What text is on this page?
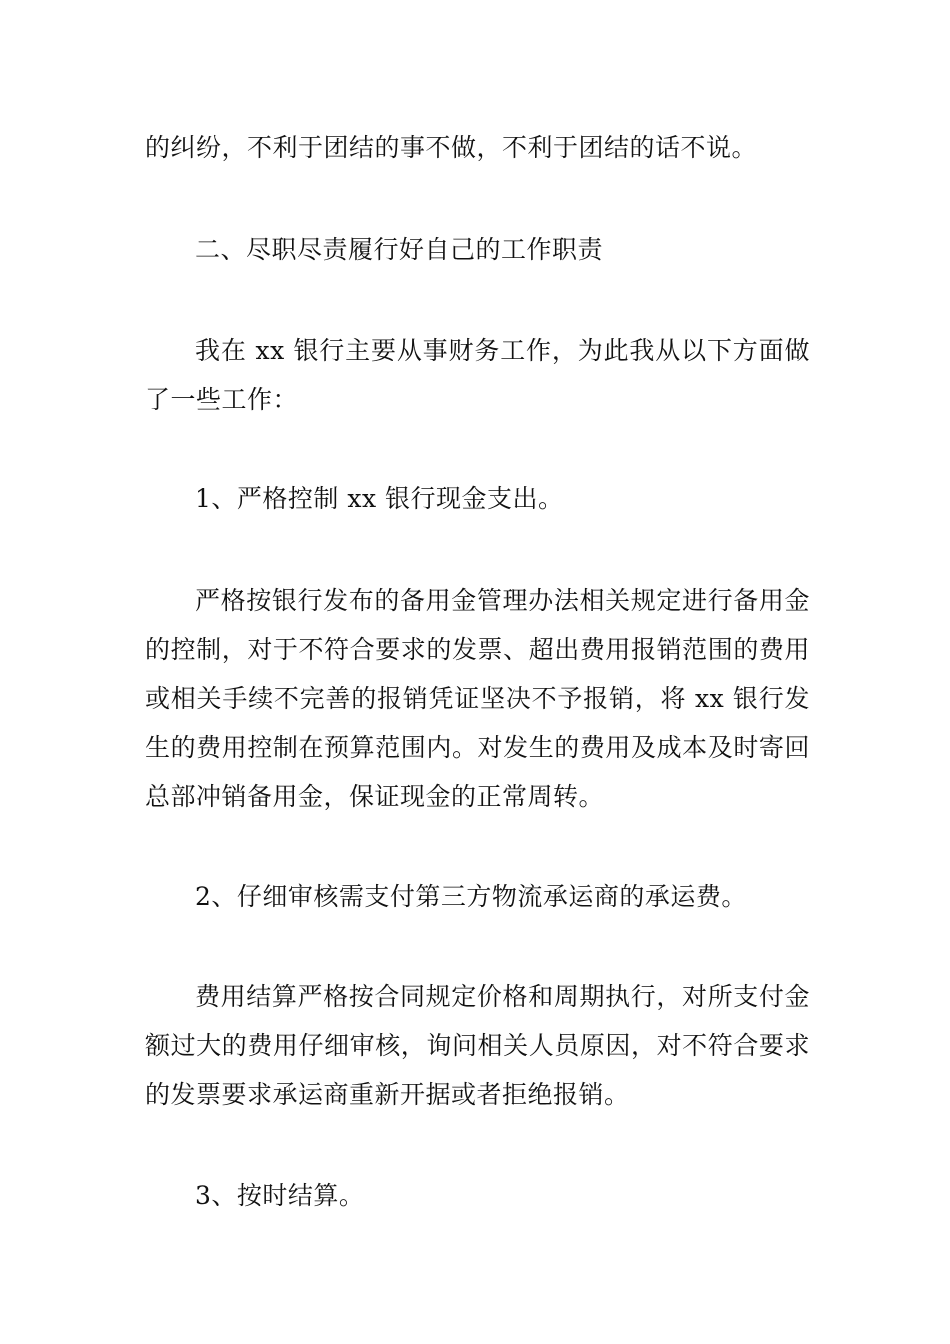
的纠纷，不利于团结的事不做，不利于团结的话不说。

二、尽职尽责履行好自己的工作职责

我在 xx 银行主要从事财务工作，为此我从以下方面做了一些工作：

1、严格控制 xx 银行现金支出。

严格按银行发布的备用金管理办法相关规定进行备用金的控制，对于不符合要求的发票、超出费用报销范围的费用或相关手续不完善的报销凭证坚决不予报销，将 xx 银行发生的费用控制在预算范围内。对发生的费用及成本及时寄回总部冲销备用金，保证现金的正常周转。

2、仔细审核需支付第三方物流承运商的承运费。

费用结算严格按合同规定价格和周期执行，对所支付金额过大的费用仔细审核，询问相关人员原因，对不符合要求的发票要求承运商重新开据或者拒绝报销。

3、按时结算。
